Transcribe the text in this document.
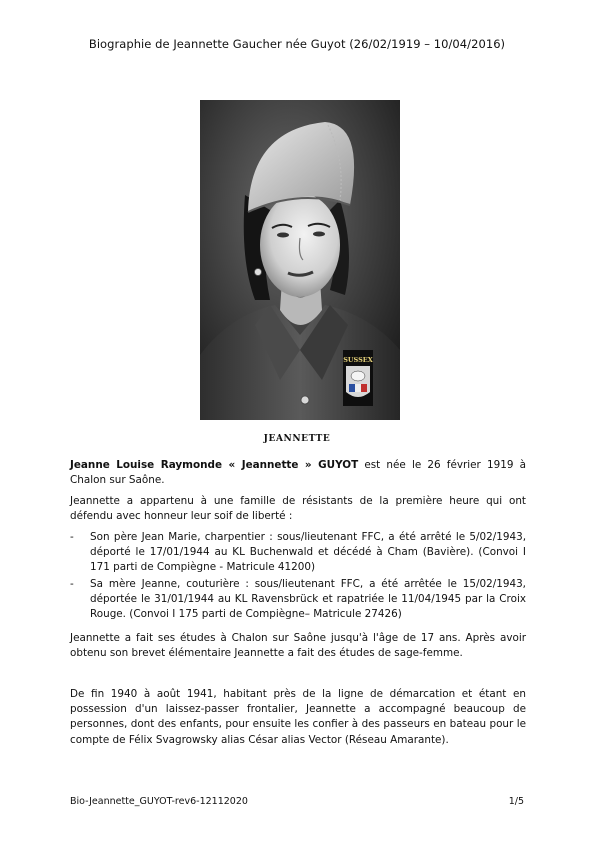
Biographie de Jeannette Gaucher née Guyot (26/02/1919 – 10/04/2016)
SUSSEX
JEANNETTE
Jeanne Louise Raymonde « Jeannette » GUYOT est née le 26 février 1919 à Chalon sur Saône.
Jeannette a appartenu à une famille de résistants de la première heure qui ont défendu avec honneur leur soif de liberté :
- Son père Jean Marie, charpentier : sous/lieutenant FFC, a été arrêté le 5/02/1943, déporté le 17/01/1944 au KL Buchenwald et décédé à Cham (Bavière). (Convoi I 171 parti de Compiègne - Matricule 41200)
- Sa mère Jeanne, couturière : sous/lieutenant FFC, a été arrêtée le 15/02/1943, déportée le 31/01/1944 au KL Ravensbrück et rapatriée le 11/04/1945 par la Croix Rouge. (Convoi I 175 parti de Compiègne– Matricule 27426)
Jeannette a fait ses études à Chalon sur Saône jusqu'à l'âge de 17 ans. Après avoir obtenu son brevet élémentaire Jeannette a fait des études de sage-femme.
De fin 1940 à août 1941, habitant près de la ligne de démarcation et étant en possession d'un laissez-passer frontalier, Jeannette a accompagné beaucoup de personnes, dont des enfants, pour ensuite les confier à des passeurs en bateau pour le compte de Félix Svagrowsky alias César alias Vector (Réseau Amarante).
Bio-Jeannette_GUYOT-rev6-12112020	1/5
